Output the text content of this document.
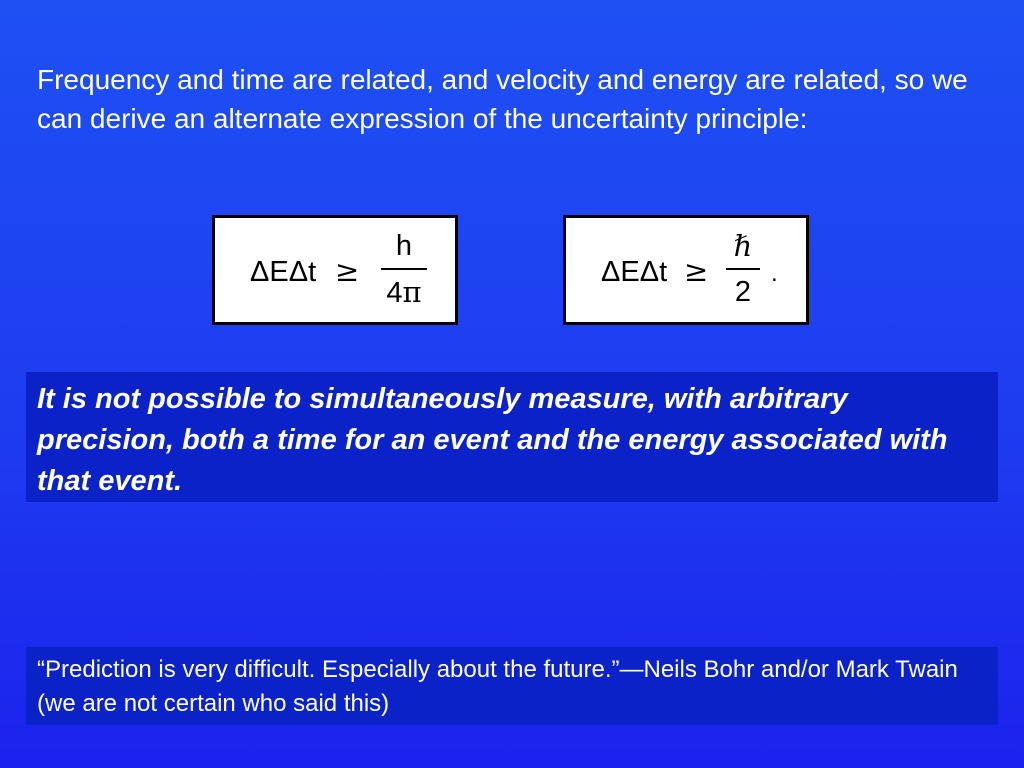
Frequency and time are related, and velocity and energy are related, so we can derive an alternate expression of the uncertainty principle:

ΔEΔt ≥
h
4π
ΔEΔt ≥
ℏ
2
.
It is not possible to simultaneously measure, with arbitrary precision, both a time for an event and the energy associated with that event.
“Prediction is very difficult. Especially about the future.”—Neils Bohr and/or Mark Twain (we are not certain who said this)
